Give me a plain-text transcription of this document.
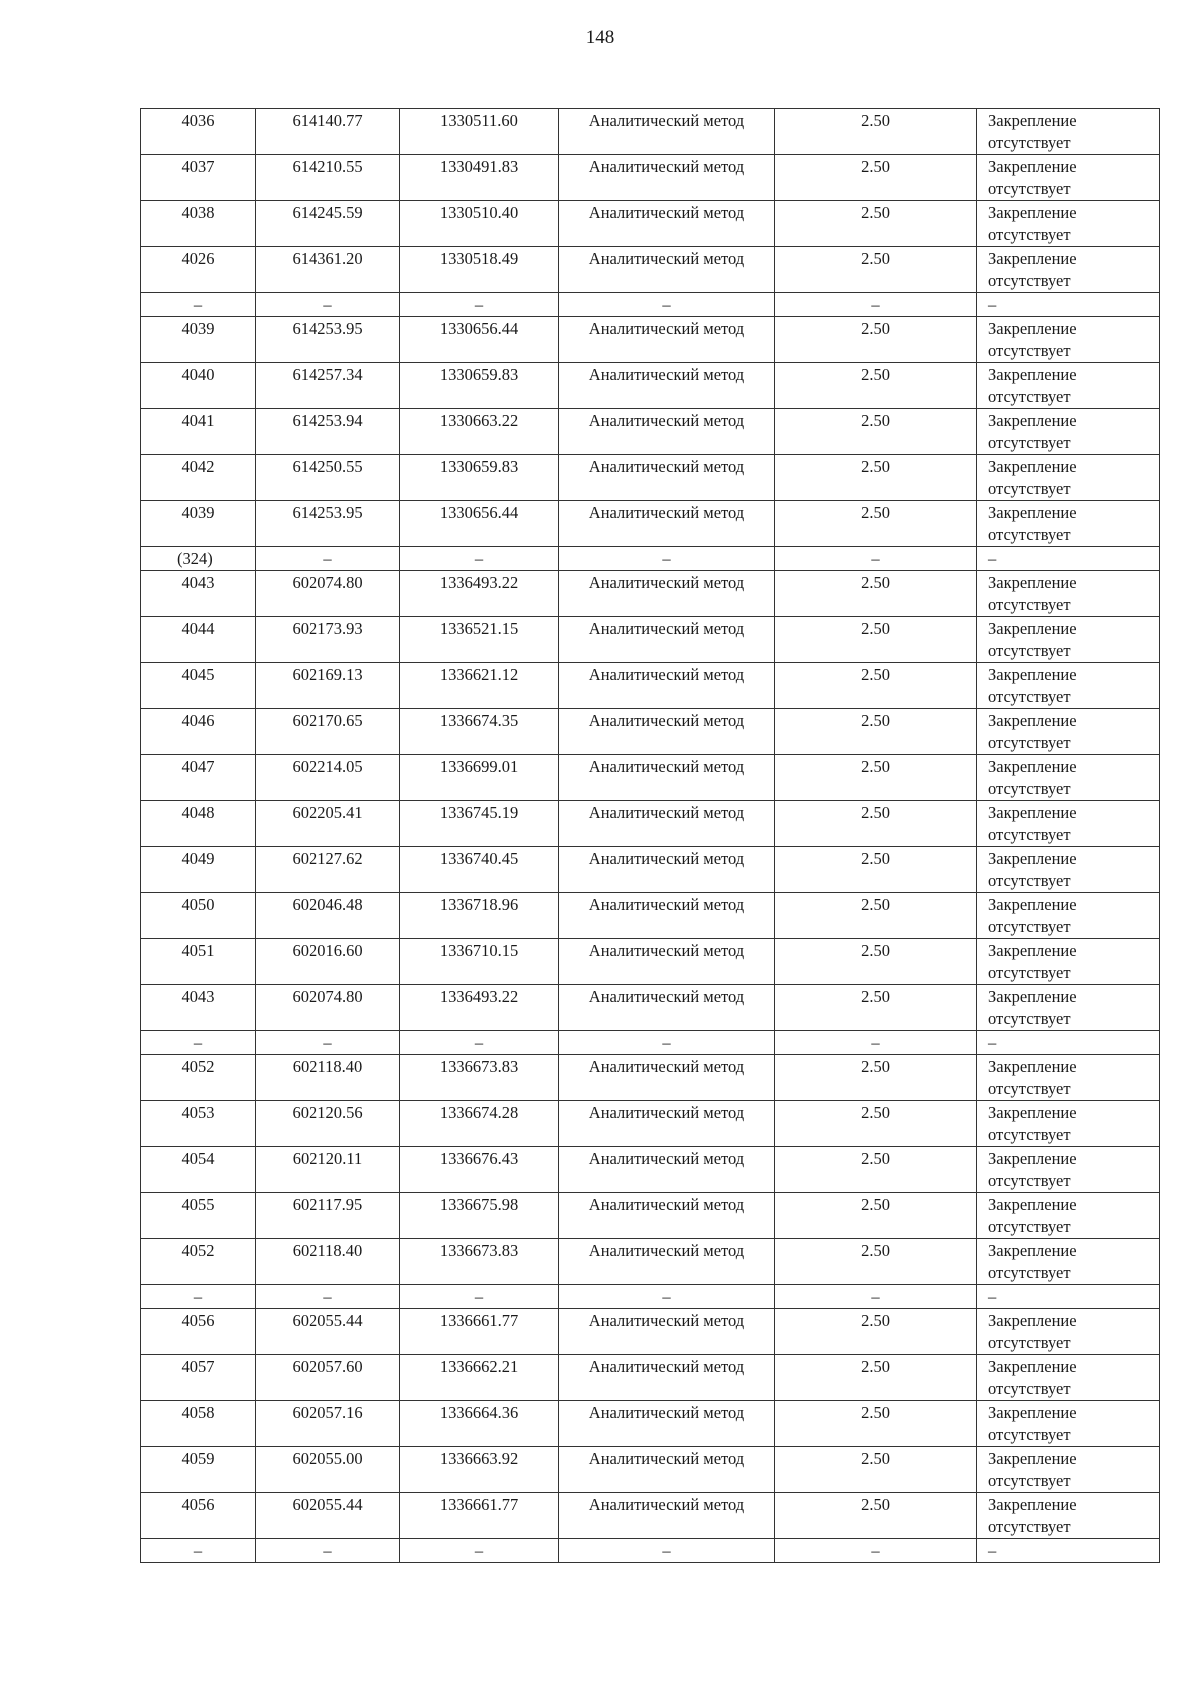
148
4036	614140.77	1330511.60	Аналитический метод	2.50	Закрепление отсутствует
4037	614210.55	1330491.83	Аналитический метод	2.50	Закрепление отсутствует
4038	614245.59	1330510.40	Аналитический метод	2.50	Закрепление отсутствует
4026	614361.20	1330518.49	Аналитический метод	2.50	Закрепление отсутствует
–	–	–	–	–	–
4039	614253.95	1330656.44	Аналитический метод	2.50	Закрепление отсутствует
4040	614257.34	1330659.83	Аналитический метод	2.50	Закрепление отсутствует
4041	614253.94	1330663.22	Аналитический метод	2.50	Закрепление отсутствует
4042	614250.55	1330659.83	Аналитический метод	2.50	Закрепление отсутствует
4039	614253.95	1330656.44	Аналитический метод	2.50	Закрепление отсутствует
(324)	–	–	–	–	–
4043	602074.80	1336493.22	Аналитический метод	2.50	Закрепление отсутствует
4044	602173.93	1336521.15	Аналитический метод	2.50	Закрепление отсутствует
4045	602169.13	1336621.12	Аналитический метод	2.50	Закрепление отсутствует
4046	602170.65	1336674.35	Аналитический метод	2.50	Закрепление отсутствует
4047	602214.05	1336699.01	Аналитический метод	2.50	Закрепление отсутствует
4048	602205.41	1336745.19	Аналитический метод	2.50	Закрепление отсутствует
4049	602127.62	1336740.45	Аналитический метод	2.50	Закрепление отсутствует
4050	602046.48	1336718.96	Аналитический метод	2.50	Закрепление отсутствует
4051	602016.60	1336710.15	Аналитический метод	2.50	Закрепление отсутствует
4043	602074.80	1336493.22	Аналитический метод	2.50	Закрепление отсутствует
–	–	–	–	–	–
4052	602118.40	1336673.83	Аналитический метод	2.50	Закрепление отсутствует
4053	602120.56	1336674.28	Аналитический метод	2.50	Закрепление отсутствует
4054	602120.11	1336676.43	Аналитический метод	2.50	Закрепление отсутствует
4055	602117.95	1336675.98	Аналитический метод	2.50	Закрепление отсутствует
4052	602118.40	1336673.83	Аналитический метод	2.50	Закрепление отсутствует
–	–	–	–	–	–
4056	602055.44	1336661.77	Аналитический метод	2.50	Закрепление отсутствует
4057	602057.60	1336662.21	Аналитический метод	2.50	Закрепление отсутствует
4058	602057.16	1336664.36	Аналитический метод	2.50	Закрепление отсутствует
4059	602055.00	1336663.92	Аналитический метод	2.50	Закрепление отсутствует
4056	602055.44	1336661.77	Аналитический метод	2.50	Закрепление отсутствует
–	–	–	–	–	–
